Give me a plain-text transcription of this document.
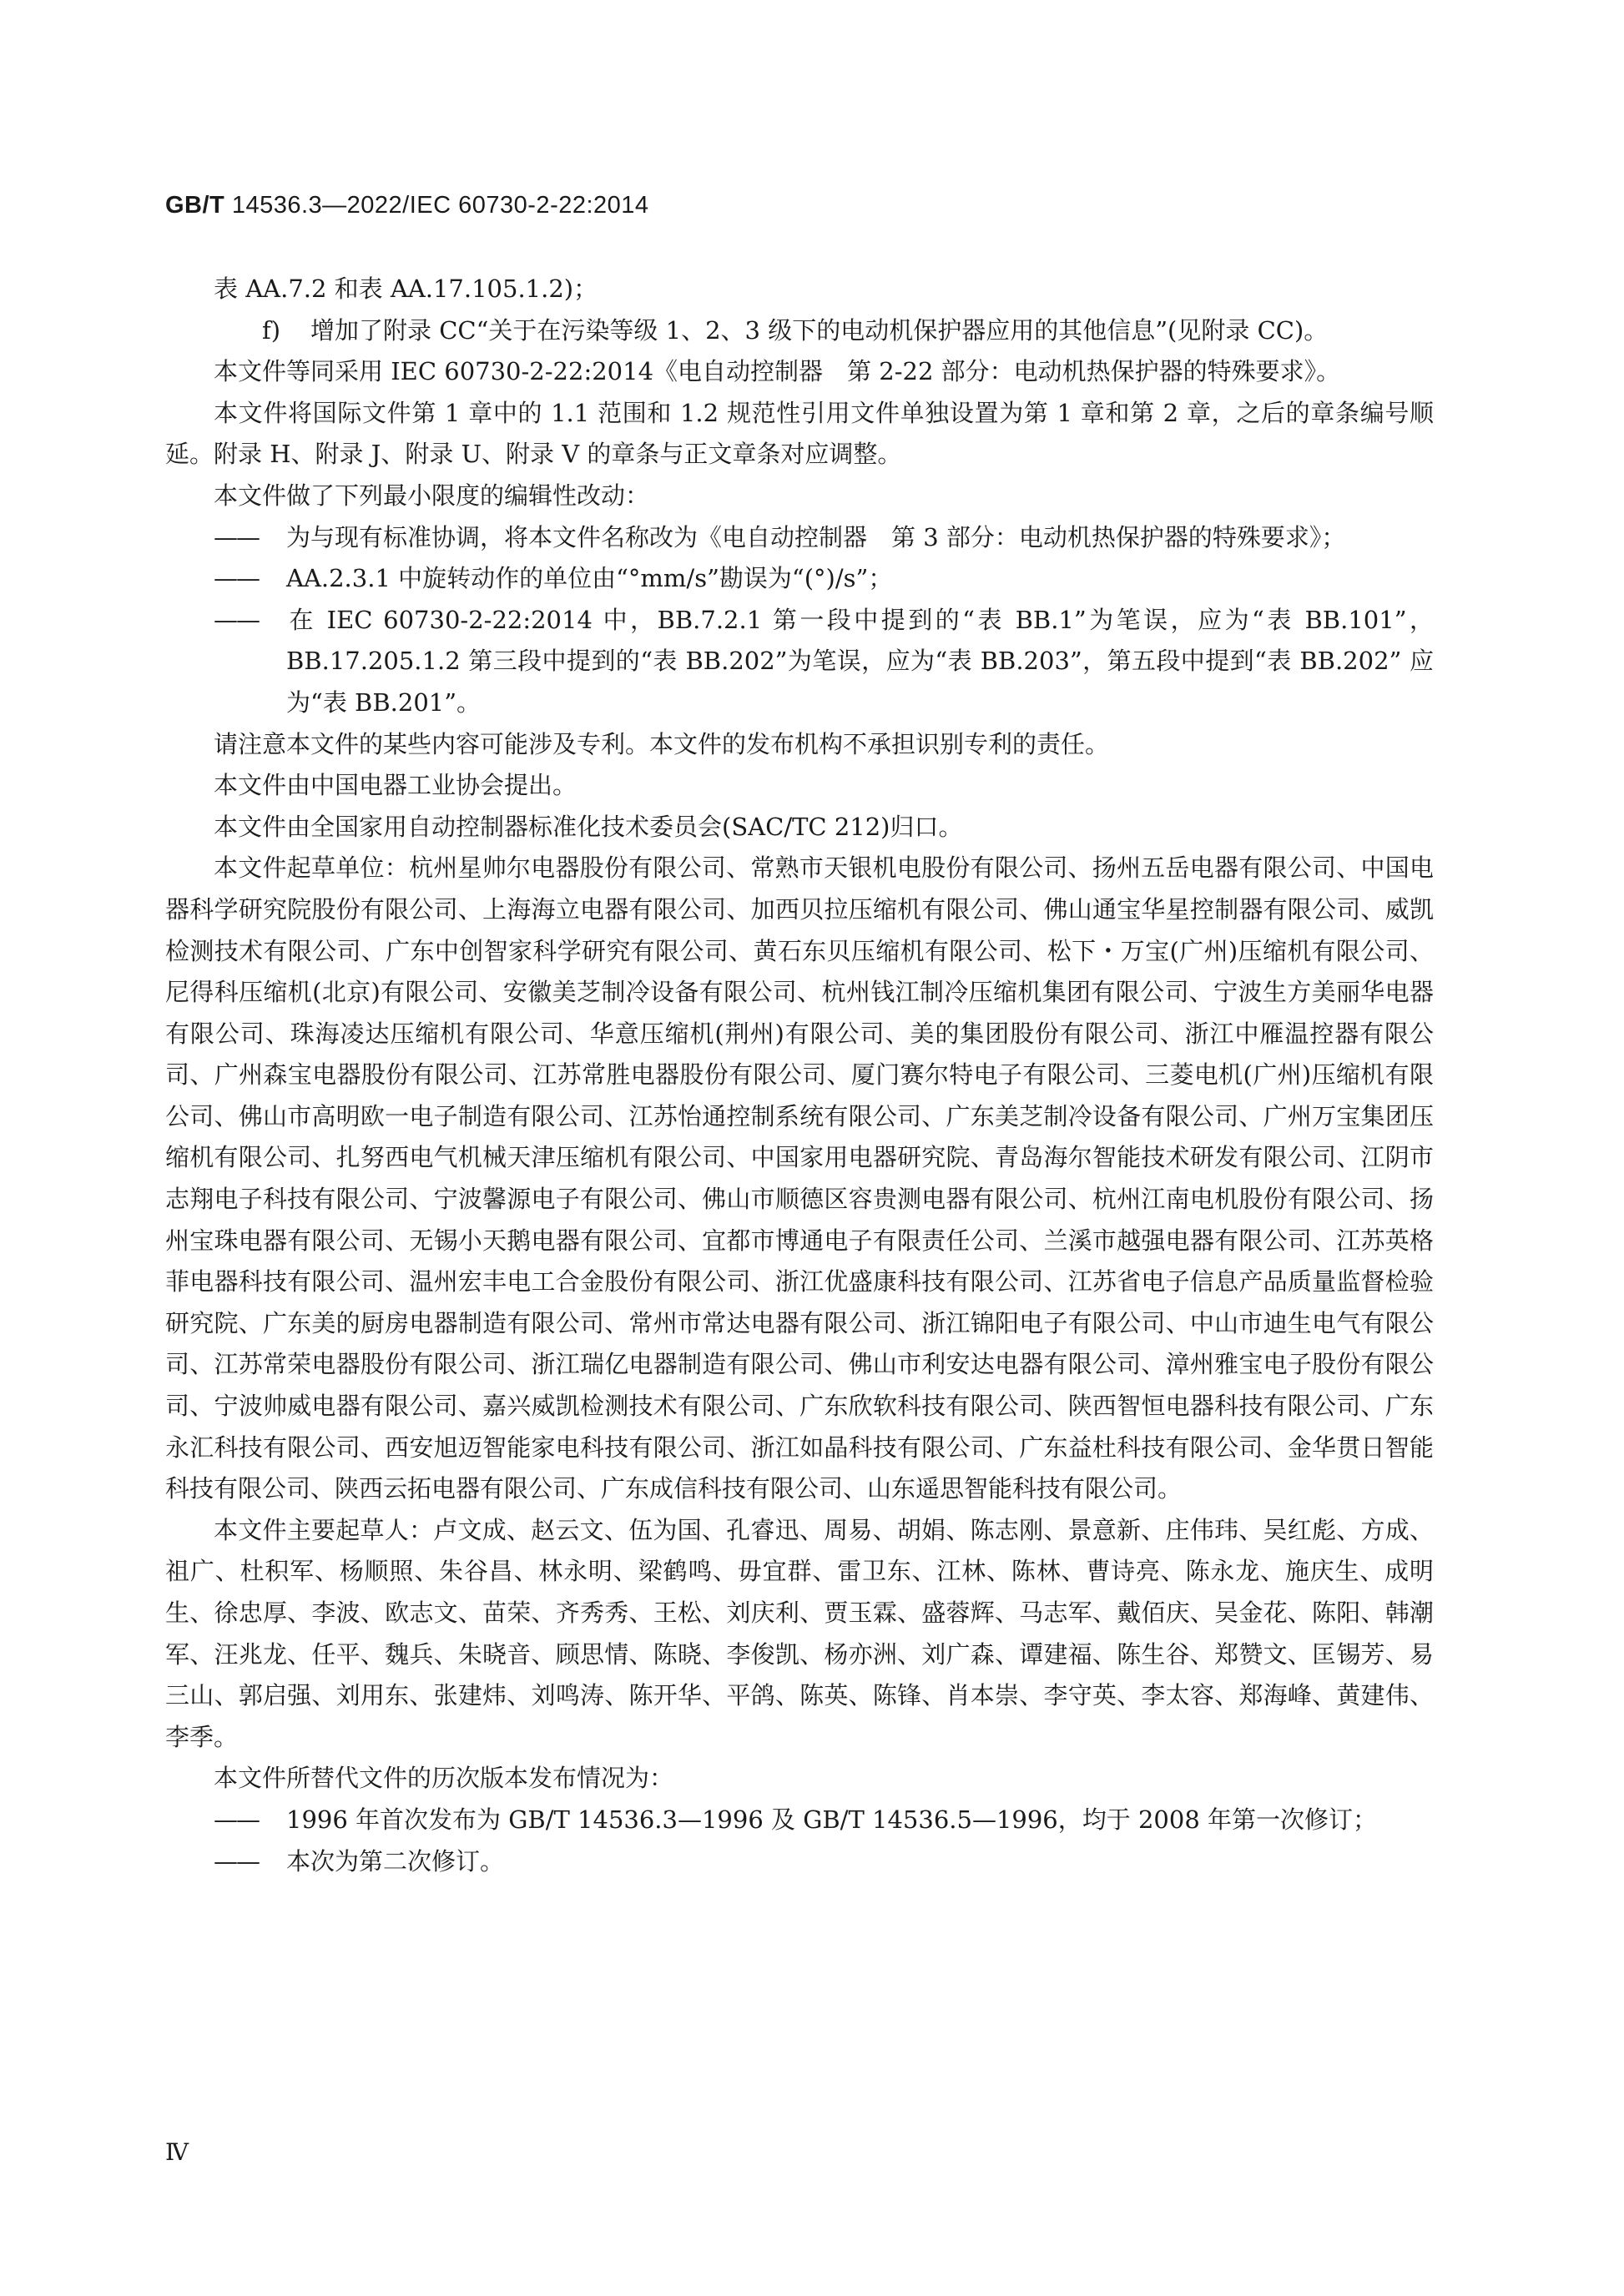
GB/T 14536.3—2022/IEC 60730-2-22:2014

表 AA.7.2 和表 AA.17.105.1.2)；

f) 增加了附录 CC“关于在污染等级 1、2、3 级下的电动机保护器应用的其他信息”(见附录 CC)。

本文件等同采用 IEC 60730-2-22:2014《电自动控制器　第 2-22 部分：电动机热保护器的特殊要求》。

本文件将国际文件第 1 章中的 1.1 范围和 1.2 规范性引用文件单独设置为第 1 章和第 2 章，之后的章条编号顺延。附录 H、附录 J、附录 U、附录 V 的章条与正文章条对应调整。

本文件做了下列最小限度的编辑性改动：

—— 为与现有标准协调，将本文件名称改为《电自动控制器　第 3 部分：电动机热保护器的特殊要求》；

—— AA.2.3.1 中旋转动作的单位由“°mm/s”勘误为“(°)/s”；

—— 在 IEC 60730-2-22:2014 中，BB.7.2.1 第一段中提到的“表 BB.1”为笔误，应为“表 BB.101”，BB.17.205.1.2 第三段中提到的“表 BB.202”为笔误，应为“表 BB.203”，第五段中提到“表 BB.202” 应为“表 BB.201”。

请注意本文件的某些内容可能涉及专利。本文件的发布机构不承担识别专利的责任。

本文件由中国电器工业协会提出。

本文件由全国家用自动控制器标准化技术委员会(SAC/TC 212)归口。

本文件起草单位：杭州星帅尔电器股份有限公司、常熟市天银机电股份有限公司、扬州五岳电器有限公司、中国电器科学研究院股份有限公司、上海海立电器有限公司、加西贝拉压缩机有限公司、佛山通宝华星控制器有限公司、威凯检测技术有限公司、广东中创智家科学研究有限公司、黄石东贝压缩机有限公司、松下・万宝(广州)压缩机有限公司、尼得科压缩机(北京)有限公司、安徽美芝制冷设备有限公司、杭州钱江制冷压缩机集团有限公司、宁波生方美丽华电器有限公司、珠海凌达压缩机有限公司、华意压缩机(荆州)有限公司、美的集团股份有限公司、浙江中雁温控器有限公司、广州森宝电器股份有限公司、江苏常胜电器股份有限公司、厦门赛尔特电子有限公司、三菱电机(广州)压缩机有限公司、佛山市高明欧一电子制造有限公司、江苏怡通控制系统有限公司、广东美芝制冷设备有限公司、广州万宝集团压缩机有限公司、扎努西电气机械天津压缩机有限公司、中国家用电器研究院、青岛海尔智能技术研发有限公司、江阴市志翔电子科技有限公司、宁波馨源电子有限公司、佛山市顺德区容贵测电器有限公司、杭州江南电机股份有限公司、扬州宝珠电器有限公司、无锡小天鹅电器有限公司、宜都市博通电子有限责任公司、兰溪市越强电器有限公司、江苏英格菲电器科技有限公司、温州宏丰电工合金股份有限公司、浙江优盛康科技有限公司、江苏省电子信息产品质量监督检验研究院、广东美的厨房电器制造有限公司、常州市常达电器有限公司、浙江锦阳电子有限公司、中山市迪生电气有限公司、江苏常荣电器股份有限公司、浙江瑞亿电器制造有限公司、佛山市利安达电器有限公司、漳州雅宝电子股份有限公司、宁波帅威电器有限公司、嘉兴威凯检测技术有限公司、广东欣软科技有限公司、陕西智恒电器科技有限公司、广东永汇科技有限公司、西安旭迈智能家电科技有限公司、浙江如晶科技有限公司、广东益杜科技有限公司、金华贯日智能科技有限公司、陕西云拓电器有限公司、广东成信科技有限公司、山东遥思智能科技有限公司。

本文件主要起草人：卢文成、赵云文、伍为国、孔睿迅、周易、胡娟、陈志刚、景意新、庄伟玮、吴红彪、方成、祖广、杜积军、杨顺照、朱谷昌、林永明、梁鹤鸣、毋宜群、雷卫东、江林、陈林、曹诗亮、陈永龙、施庆生、成明生、徐忠厚、李波、欧志文、苗荣、齐秀秀、王松、刘庆利、贾玉霖、盛蓉辉、马志军、戴佰庆、吴金花、陈阳、韩潮军、汪兆龙、任平、魏兵、朱晓音、顾思情、陈晓、李俊凯、杨亦洲、刘广森、谭建福、陈生谷、郑赞文、匡锡芳、易三山、郭启强、刘用东、张建炜、刘鸣涛、陈开华、平鸽、陈英、陈锋、肖本崇、李守英、李太容、郑海峰、黄建伟、李季。

本文件所替代文件的历次版本发布情况为：

—— 1996 年首次发布为 GB/T 14536.3—1996 及 GB/T 14536.5—1996，均于 2008 年第一次修订；

—— 本次为第二次修订。

Ⅳ
